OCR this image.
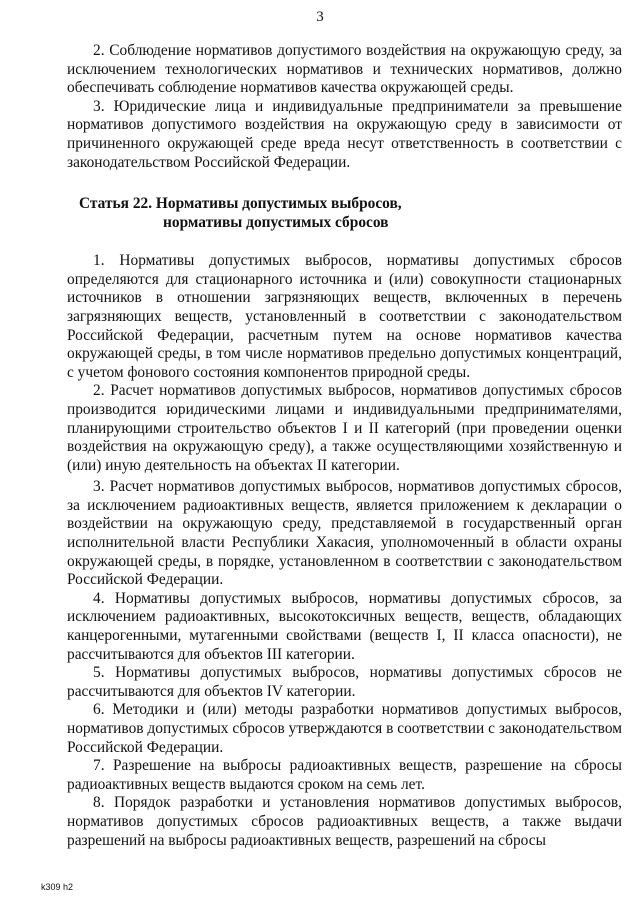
3

2. Соблюдение нормативов допустимого воздействия на окружающую среду, за исключением технологических нормативов и технических нормативов, должно обеспечивать соблюдение нормативов качества окружающей среды.

3. Юридические лица и индивидуальные предприниматели за превышение нормативов допустимого воздействия на окружающую среду в зависимости от причиненного окружающей среде вреда несут ответственность в соответствии с законодательством Российской Федерации.

Статья 22. Нормативы допустимых выбросов,
нормативы допустимых сбросов

1. Нормативы допустимых выбросов, нормативы допустимых сбросов определяются для стационарного источника и (или) совокупности стационарных источников в отношении загрязняющих веществ, включенных в перечень загрязняющих веществ, установленный в соответствии с законодательством Российской Федерации, расчетным путем на основе нормативов качества окружающей среды, в том числе нормативов предельно допустимых концентраций, с учетом фонового состояния компонентов природной среды.

2. Расчет нормативов допустимых выбросов, нормативов допустимых сбросов производится юридическими лицами и индивидуальными предпринимателями, планирующими строительство объектов I и II категорий (при проведении оценки воздействия на окружающую среду), а также осуществляющими хозяйственную и (или) иную деятельность на объектах II категории.

3. Расчет нормативов допустимых выбросов, нормативов допустимых сбросов, за исключением радиоактивных веществ, является приложением к декларации о воздействии на окружающую среду, представляемой в государственный орган исполнительной власти Республики Хакасия, уполномоченный в области охраны окружающей среды, в порядке, установленном в соответствии с законодательством Российской Федерации.

4. Нормативы допустимых выбросов, нормативы допустимых сбросов, за исключением радиоактивных, высокотоксичных веществ, веществ, обладающих канцерогенными, мутагенными свойствами (веществ I, II класса опасности), не рассчитываются для объектов III категории.

5. Нормативы допустимых выбросов, нормативы допустимых сбросов не рассчитываются для объектов IV категории.

6. Методики и (или) методы разработки нормативов допустимых выбросов, нормативов допустимых сбросов утверждаются в соответствии с законодательством Российской Федерации.

7. Разрешение на выбросы радиоактивных веществ, разрешение на сбросы радиоактивных веществ выдаются сроком на семь лет.

8. Порядок разработки и установления нормативов допустимых выбросов, нормативов допустимых сбросов радиоактивных веществ, а также выдачи разрешений на выбросы радиоактивных веществ, разрешений на сбросы

k309 h2
